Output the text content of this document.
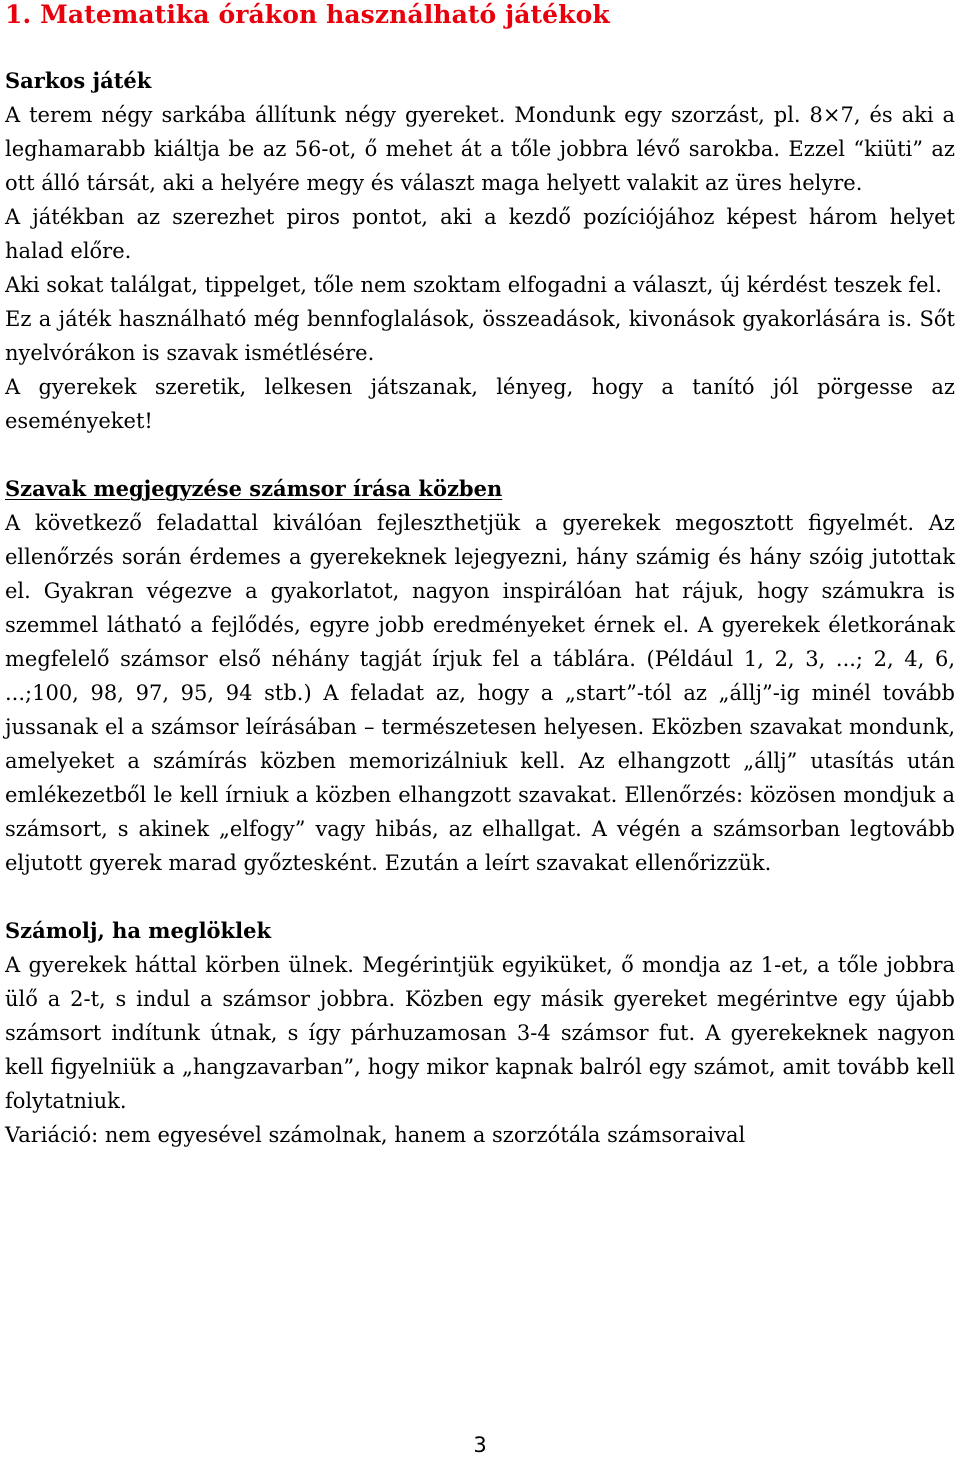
1. Matematika órákon használható játékok
Sarkos játék

A terem négy sarkába állítunk négy gyereket. Mondunk egy szorzást, pl. 8×7, és aki a leghamarabb kiáltja be az 56-ot, ő mehet át a tőle jobbra lévő sarokba. Ezzel “kiüti” az ott álló társát, aki a helyére megy és választ maga helyett valakit az üres helyre.

A játékban az szerezhet piros pontot, aki a kezdő pozíciójához képest három helyet halad előre.

Aki sokat találgat, tippelget, tőle nem szoktam elfogadni a választ, új kérdést teszek fel.

Ez a játék használható még bennfoglalások, összeadások, kivonások gyakorlására is. Sőt nyelvórákon is szavak ismétlésére.

A gyerekek szeretik, lelkesen játszanak, lényeg, hogy a tanító jól pörgesse az eseményeket!

Szavak megjegyzése számsor írása közben

A következő feladattal kiválóan fejleszthetjük a gyerekek megosztott figyelmét. Az ellenőrzés során érdemes a gyerekeknek lejegyezni, hány számig és hány szóig jutottak el. Gyakran végezve a gyakorlatot, nagyon inspirálóan hat rájuk, hogy számukra is szemmel látható a fejlődés, egyre jobb eredményeket érnek el. A gyerekek életkorának megfelelő számsor első néhány tagját írjuk fel a táblára. (Például 1, 2, 3, ...; 2, 4, 6, ...;100, 98, 97, 95, 94 stb.) A feladat az, hogy a „start”-tól az „állj”-ig minél tovább jussanak el a számsor leírásában – természetesen helyesen. Eközben szavakat mondunk, amelyeket a számírás közben memorizálniuk kell. Az elhangzott „állj” utasítás után emlékezetből le kell írniuk a közben elhangzott szavakat. Ellenőrzés: közösen mondjuk a számsort, s akinek „elfogy” vagy hibás, az elhallgat. A végén a számsorban legtovább eljutott gyerek marad győztesként. Ezután a leírt szavakat ellenőrizzük.

Számolj, ha meglöklek

A gyerekek háttal körben ülnek. Megérintjük egyiküket, ő mondja az 1-et, a tőle jobbra ülő a 2-t, s indul a számsor jobbra. Közben egy másik gyereket megérintve egy újabb számsort indítunk útnak, s így párhuzamosan 3-4 számsor fut. A gyerekeknek nagyon kell figyelniük a „hangzavarban”, hogy mikor kapnak balról egy számot, amit tovább kell folytatniuk.

Variáció: nem egyesével számolnak, hanem a szorzótála számsoraival

3
